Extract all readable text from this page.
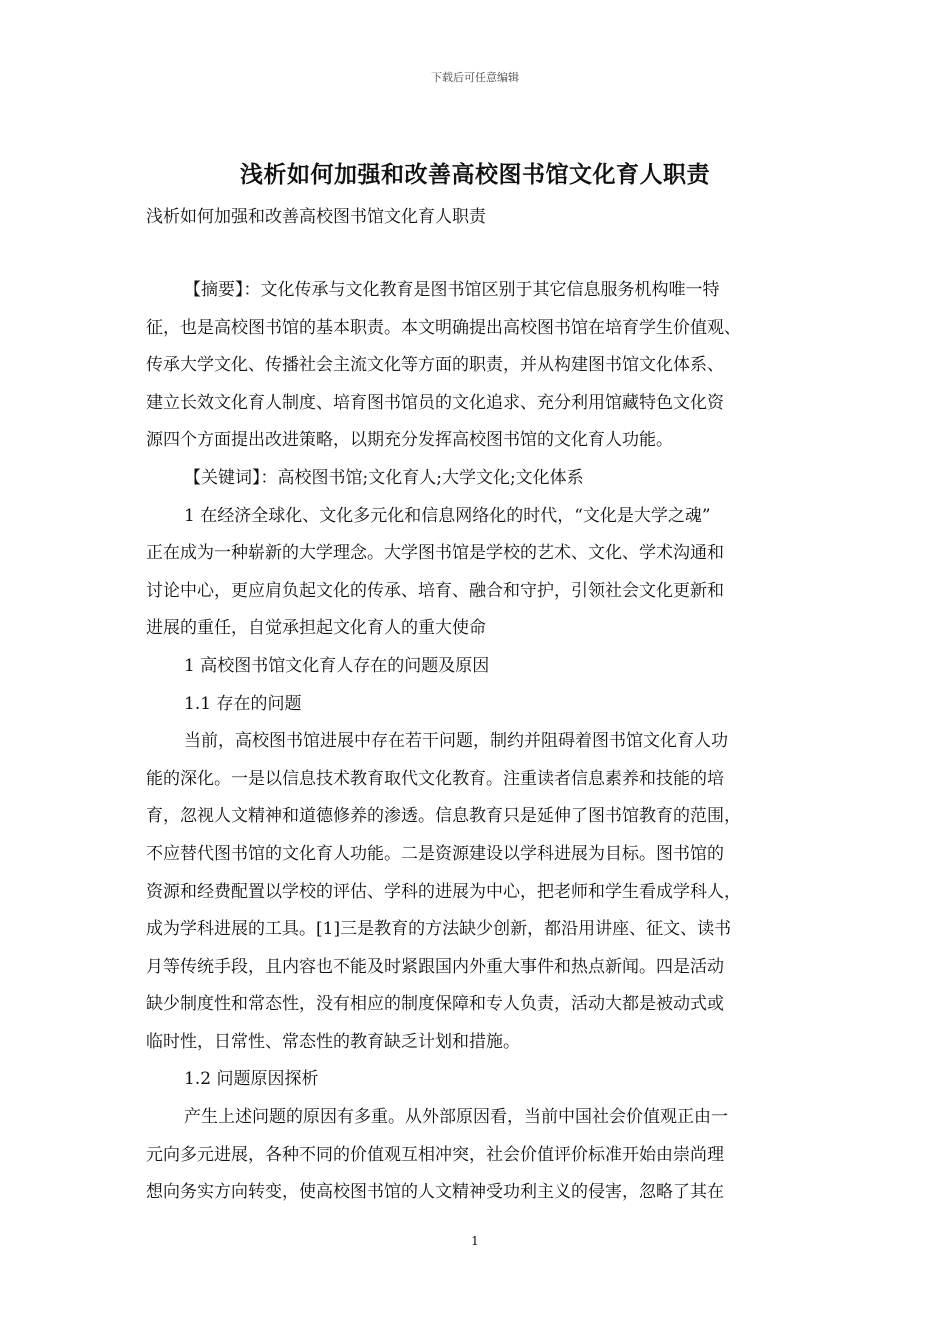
下载后可任意编辑
浅析如何加强和改善高校图书馆文化育人职责
浅析如何加强和改善高校图书馆文化育人职责
【摘要】：文化传承与文化教育是图书馆区别于其它信息服务机构唯一特
征，也是高校图书馆的基本职责。本文明确提出高校图书馆在培育学生价值观、
传承大学文化、传播社会主流文化等方面的职责，并从构建图书馆文化体系、
建立长效文化育人制度、培育图书馆员的文化追求、充分利用馆藏特色文化资
源四个方面提出改进策略，以期充分发挥高校图书馆的文化育人功能。
【关键词】：高校图书馆;文化育人;大学文化;文化体系
1 在经济全球化、文化多元化和信息网络化的时代，“文化是大学之魂”
正在成为一种崭新的大学理念。大学图书馆是学校的艺术、文化、学术沟通和
讨论中心，更应肩负起文化的传承、培育、融合和守护，引领社会文化更新和
进展的重任，自觉承担起文化育人的重大使命
1 高校图书馆文化育人存在的问题及原因
1.1 存在的问题
当前，高校图书馆进展中存在若干问题，制约并阻碍着图书馆文化育人功
能的深化。一是以信息技术教育取代文化教育。注重读者信息素养和技能的培
育，忽视人文精神和道德修养的渗透。信息教育只是延伸了图书馆教育的范围，
不应替代图书馆的文化育人功能。二是资源建设以学科进展为目标。图书馆的
资源和经费配置以学校的评估、学科的进展为中心，把老师和学生看成学科人，
成为学科进展的工具。[1]三是教育的方法缺少创新，都沿用讲座、征文、读书
月等传统手段，且内容也不能及时紧跟国内外重大事件和热点新闻。四是活动
缺少制度性和常态性，没有相应的制度保障和专人负责，活动大都是被动式或
临时性，日常性、常态性的教育缺乏计划和措施。
1.2 问题原因探析
产生上述问题的原因有多重。从外部原因看，当前中国社会价值观正由一
元向多元进展，各种不同的价值观互相冲突，社会价值评价标准开始由崇尚理
想向务实方向转变，使高校图书馆的人文精神受功利主义的侵害，忽略了其在
1
